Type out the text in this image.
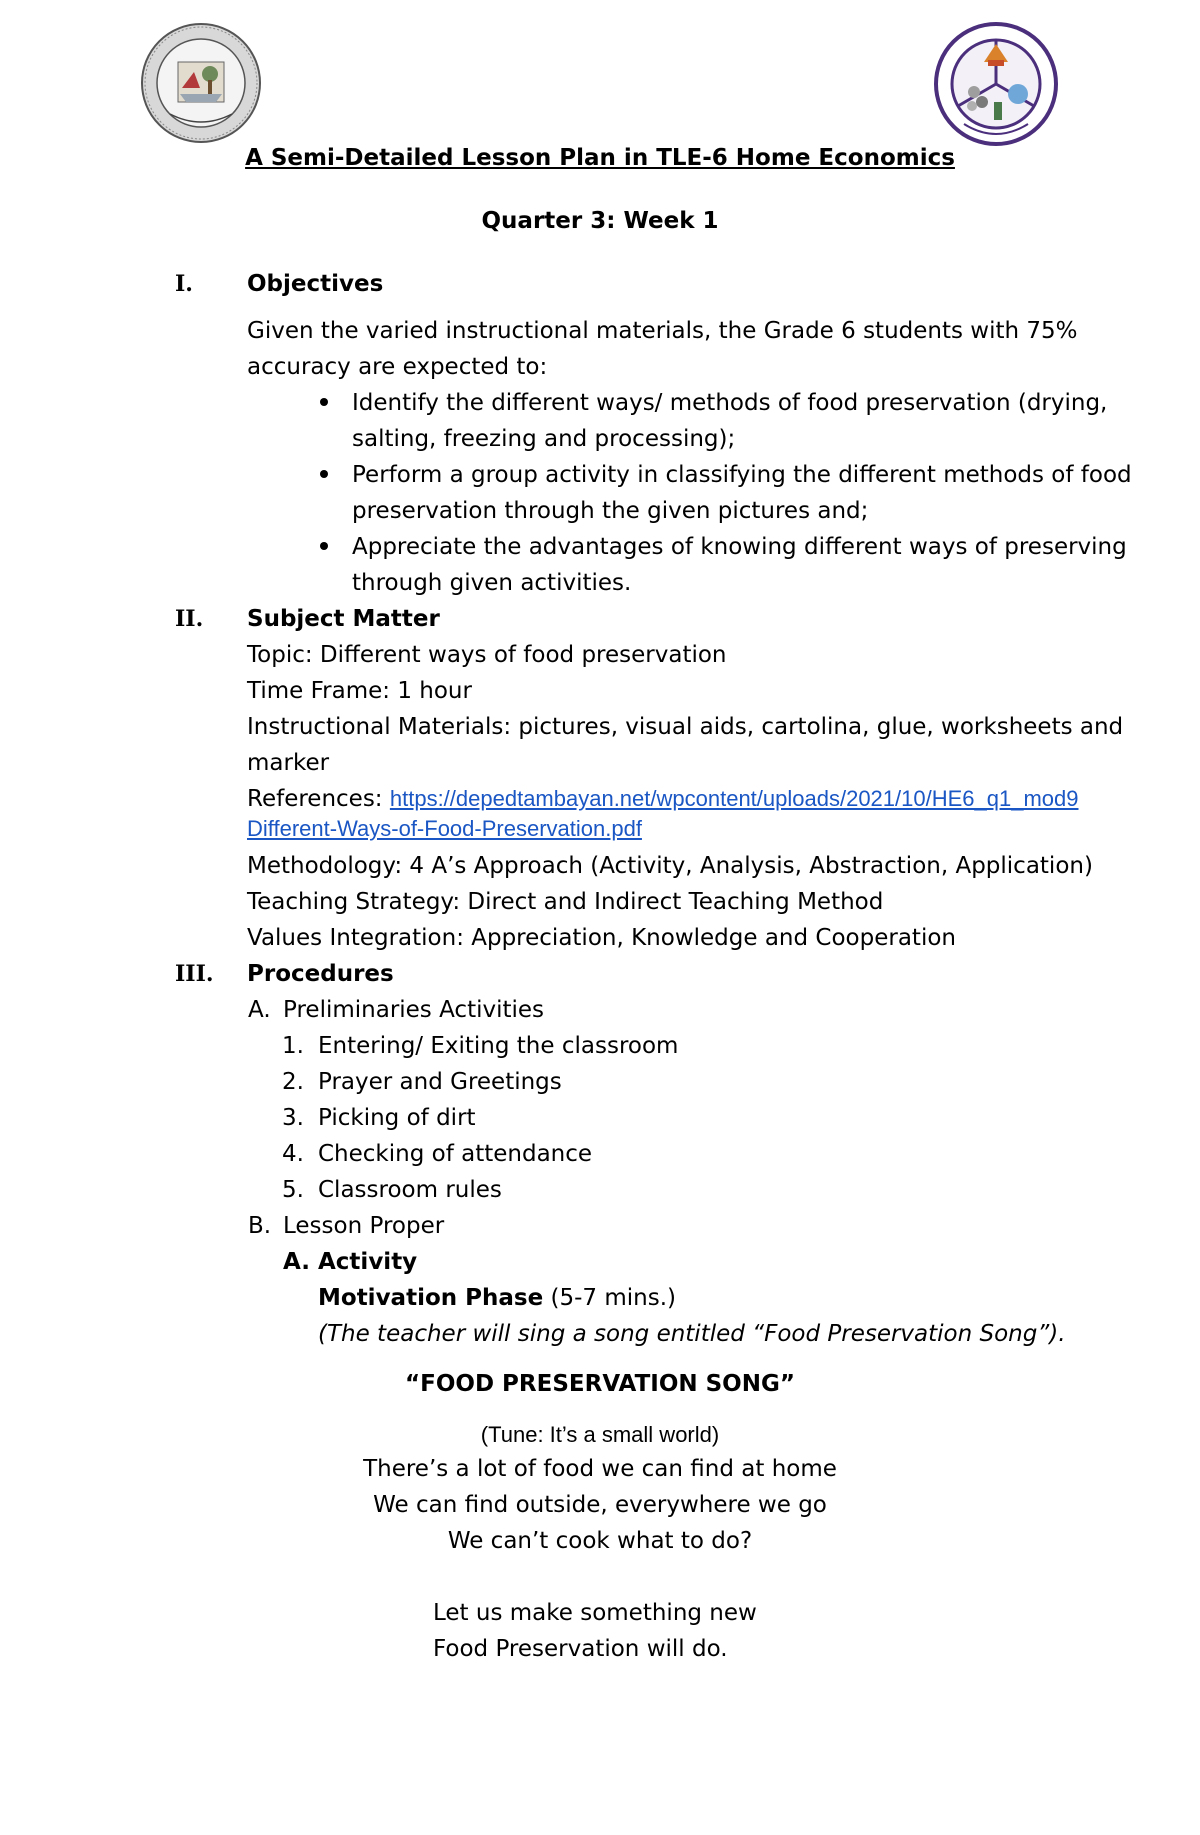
A Semi-Detailed Lesson Plan in TLE-6 Home Economics
Quarter 3: Week 1
I. Objectives
Given the varied instructional materials, the Grade 6 students with 75%
accuracy are expected to:
Identify the different ways/ methods of food preservation (drying,
salting, freezing and processing);
Perform a group activity in classifying the different methods of food
preservation through the given pictures and;
Appreciate the advantages of knowing different ways of preserving
through given activities.
II. Subject Matter
Topic: Different ways of food preservation
Time Frame: 1 hour
Instructional Materials: pictures, visual aids, cartolina, glue, worksheets and
marker
References: https://depedtambayan.net/wpcontent/uploads/2021/10/HE6_q1_mod9
Different-Ways-of-Food-Preservation.pdf
Methodology: 4 A’s Approach (Activity, Analysis, Abstraction, Application)
Teaching Strategy: Direct and Indirect Teaching Method
Values Integration: Appreciation, Knowledge and Cooperation
III. Procedures
A. Preliminaries Activities
1. Entering/ Exiting the classroom
2. Prayer and Greetings
3. Picking of dirt
4. Checking of attendance
5. Classroom rules
B. Lesson Proper
A. Activity
Motivation Phase (5-7 mins.)
(The teacher will sing a song entitled “Food Preservation Song”).
“FOOD PRESERVATION SONG”
(Tune: It’s a small world)
There’s a lot of food we can find at home
We can find outside, everywhere we go
We can’t cook what to do?
Let us make something new
Food Preservation will do.
